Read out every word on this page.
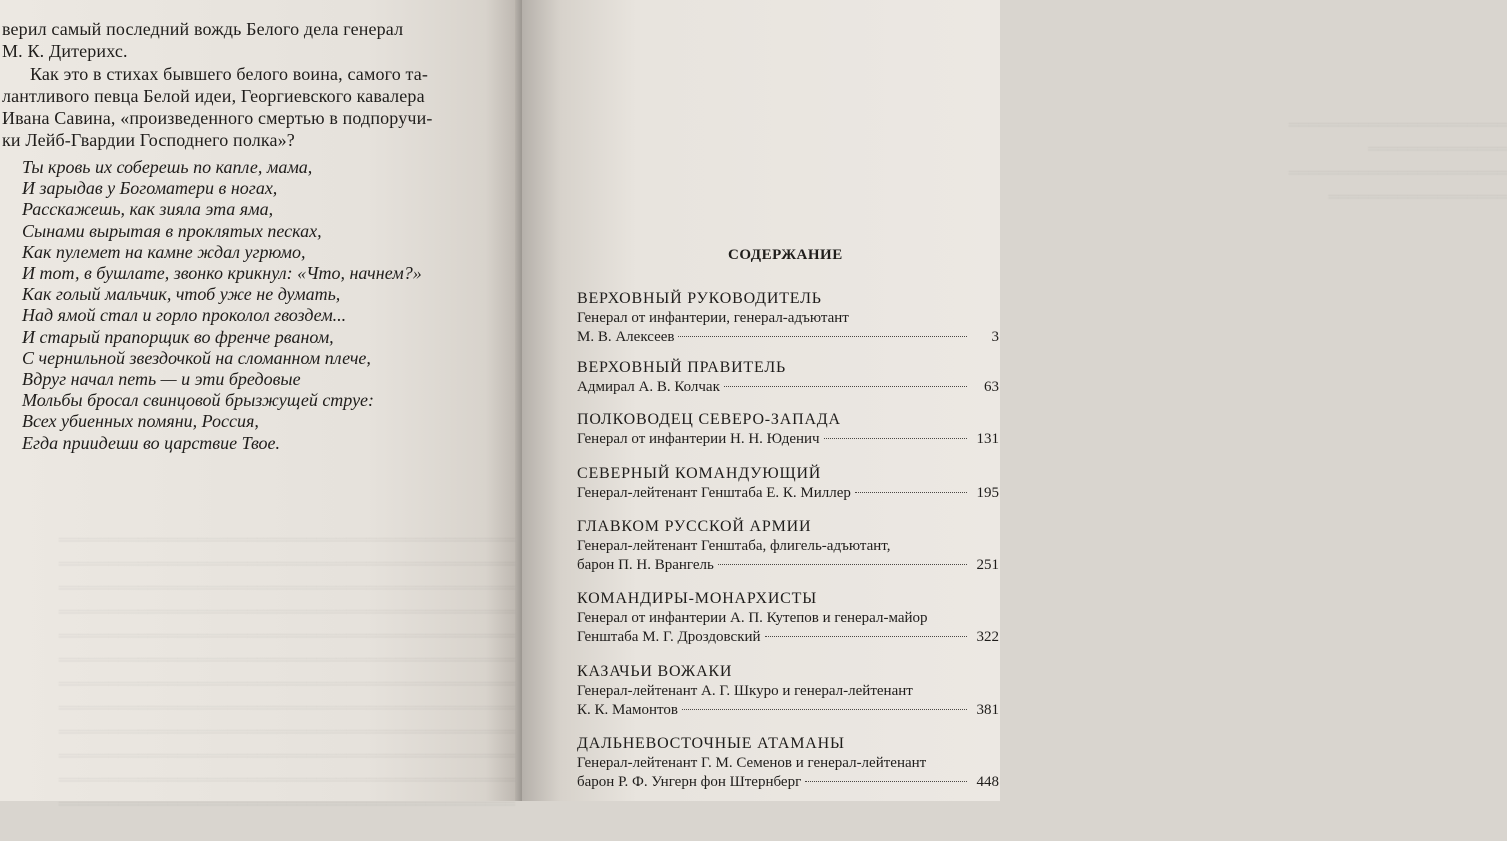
══════════════════════════════════════════════
══════════════════════════════════════════════
══════════════════════════════════════════════
══════════════════════════════════════════════
══════════════════════════════════════════════
══════════════════════════════════════════════
══════════════════════════════════════════════
══════════════════════════════════════════════
══════════════════════════════════════════════
══════════════════════════════════════════════
══════════════════════════════════════════════
══════════════════════════════════════════════

верил самый последний вождь Белого дела генерал
М. К. Дитерихс.

Как это в стихах бывшего белого воина, самого та-
лантливого певца Белой идеи, Георгиевского кавалера
Ивана Савина, «произведенного смертью в подпоручи-
ки Лейб-Гвардии Господнего полка»?

Ты кровь их соберешь по капле, мама,
И зарыдав у Богоматери в ногах,
Расскажешь, как зияла эта яма,
Сынами вырытая в проклятых песках,
Как пулемет на камне ждал угрюмо,
И тот, в бушлате, звонко крикнул: «Что, начнем?»
Как голый мальчик, чтоб уже не думать,
Над ямой стал и горло проколол гвоздем...
И старый прапорщик во френче рваном,
С чернильной звездочкой на сломанном плече,
Вдруг начал петь — и эти бредовые
Мольбы бросал свинцовой брызжущей струе:
Всех убиенных помяни, Россия,
Егда приидеши во царствие Твое.

══════════════════════
══════════════
══════════════════════
══════════════════

СОДЕРЖАНИЕ
ВЕРХОВНЫЙ РУКОВОДИТЕЛЬ
Генерал от инфантерии, генерал-адъютант
М. В. Алексеев	3
ВЕРХОВНЫЙ ПРАВИТЕЛЬ
Адмирал А. В. Колчак	63
ПОЛКОВОДЕЦ СЕВЕРО-ЗАПАДА
Генерал от инфантерии Н. Н. Юденич	131
СЕВЕРНЫЙ КОМАНДУЮЩИЙ
Генерал-лейтенант Генштаба Е. К. Миллер	195
ГЛАВКОМ РУССКОЙ АРМИИ
Генерал-лейтенант Генштаба, флигель-адъютант,
барон П. Н. Врангель	251
КОМАНДИРЫ-МОНАРХИСТЫ
Генерал от инфантерии А. П. Кутепов и генерал-майор
Генштаба М. Г. Дроздовский	322
КАЗАЧЬИ ВОЖАКИ
Генерал-лейтенант А. Г. Шкуро и генерал-лейтенант
К. К. Мамонтов	381
ДАЛЬНЕВОСТОЧНЫЕ АТАМАНЫ
Генерал-лейтенант Г. М. Семенов и генерал-лейтенант
барон Р. Ф. Унгерн фон Штернберг	448
